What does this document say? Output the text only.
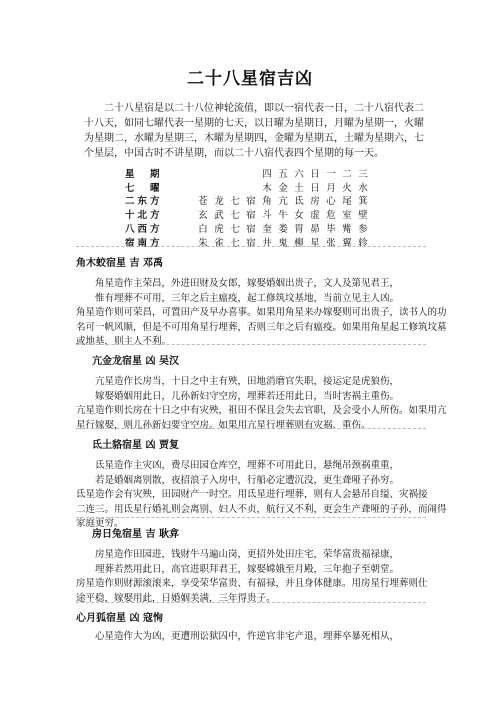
二十八星宿吉凶
二十八星宿是以二十八位神轮流值，即以一宿代表一日，二十八宿代表二十八天，如同七曜代表一星期的七天，以日曜为星期日，月曜为星期一，火曜为星期二，水曜为星期三，木曜为星期四，金曜为星期五，土曜为星期六，七个星层，中国古时不讲星期，而以二十八宿代表四个星期的每一天。
星　期	四 五 六 日 一 二 三
七　曜	木 金 土 日 月 火 水
二东方	苍 龙 七 宿 角 亢 氐 房 心 尾 箕
十北方	玄 武 七 宿 斗 牛 女 虚 危 室 壁
八西方	白 虎 七 宿 奎 娄 胃 昴 毕 觜 参
宿南方	朱 雀 七 宿 井 鬼 柳 星 张 翼 轸
角木蛟宿星 吉 邓禹
　　角星造作主荣昌，外进田财及女郎，嫁娶婚姻出贵子，文人及第见君王，
　　惟有埋葬不可用，三年之后主瘟疫，起工修筑坟基地，当前立见主人凶。
角星造作则可荣昌，可置田产及早办喜事。如果用角星来办嫁娶则可出贵子，读书人的功
名可一帆风顺，但是不可用角星行埋葬，否则三年之后有瘟疫。如果用角星起工修筑坟墓
或地基，则主人不利。
亢金龙宿星 凶 吴汉
　　亢星造作长房当，十日之中主有殃，田地消磨官失职，接运定是虎狼伤，
　　嫁娶婚姻用此日，儿孙新妇守空房，埋葬若还用此日，当时害祸主重伤。
亢星造作则长房在十日之中有灾殃，祖田不保且会失去官职，及会受小人所伤。如果用亢
星行嫁娶，则儿孙新妇要守空房。如果用亢星行埋葬则有灾祸、重伤。
氐土貉宿星 凶 贾复
　　氐星造作主灾凶，费尽田园仓库空，埋葬不可用此日，悬绳吊颈祸重重，
　　若是婚姻离别散，夜招浪子入房中，行船必定遭沉没，更生聋哑子孙穷。
氐星造作会有灾殃，田园财产一时空。用氐星进行埋葬，则有人会悬吊自缢、灾祸接
二连三。用氐星行婚礼则会离别、妇人不贞，航行又不利，更会生产聋哑的子孙，而闹得
家庭更穷。
房日兔宿星 吉 耿弇
　　房星造作田园进，钱财牛马遍山岗，更招外处田庄宅，荣华富贵福禄康，
　　埋葬若然用此日，高官进职拜君王，嫁娶嫦娥至月殿，三年抱子至朝堂。
房星造作则财源滚滚来，享受荣华富贵、有福禄，并且身体健康。用房星行埋葬则仕
途平稳，嫁娶用此，日婚姻美满，三年得贵子。
心月狐宿星 凶 寇恂
　　心星造作大为凶，更遭刑讼狱囚中，忤逆官非宅产退，埋葬卒暴死相从，
